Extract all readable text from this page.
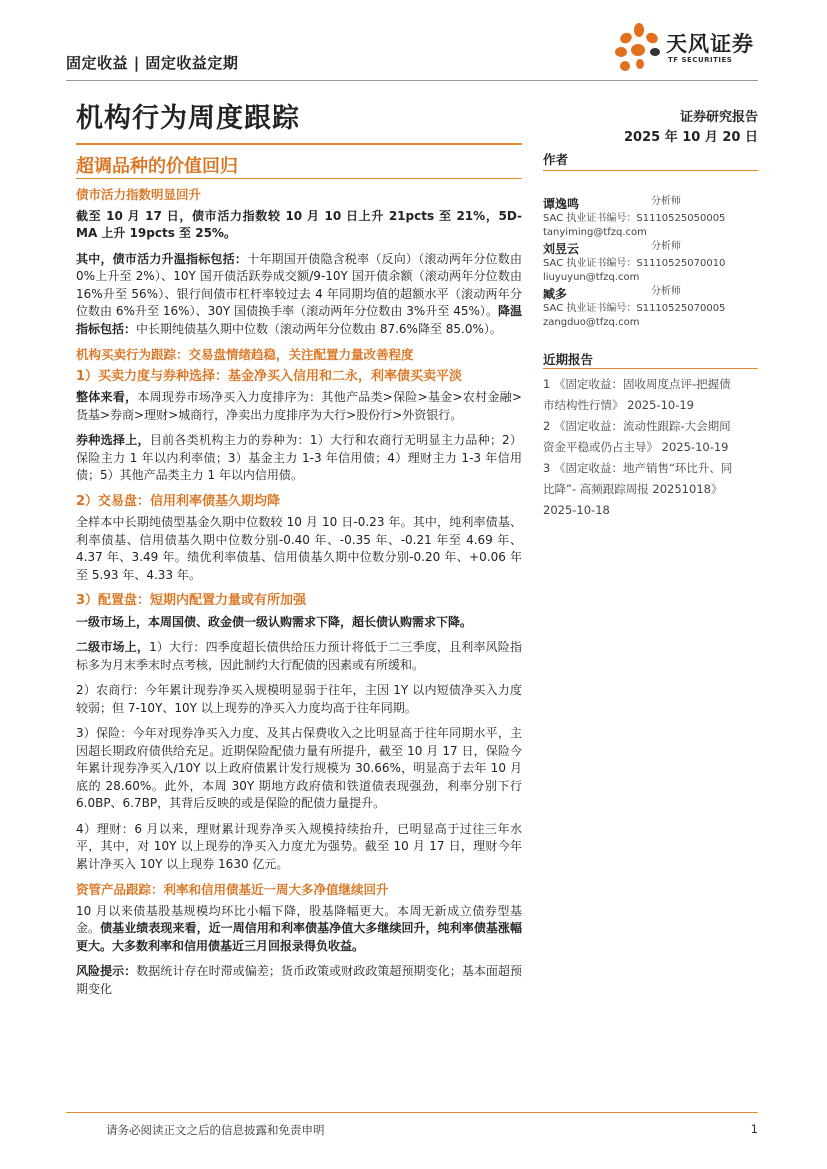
固定收益 | 固定收益定期
天风证券
TF SECURITIES
机构行为周度跟踪	证券研究报告
2025 年 10 月 20 日
超调品种的价值回归

债市活力指数明显回升

截至 10 月 17 日，债市活力指数较 10 月 10 日上升 21pcts 至 21%，5D-MA 上升 19pcts 至 25%。

其中，债市活力升温指标包括：十年期国开债隐含税率（反向）（滚动两年分位数由 0%上升至 2%）、10Y 国开债活跃券成交额/9-10Y 国开债余额（滚动两年分位数由 16%升至 56%）、银行间债市杠杆率较过去 4 年同期均值的超额水平（滚动两年分位数由 6%升至 16%）、30Y 国债换手率（滚动两年分位数由 3%升至 45%）。降温指标包括：中长期纯债基久期中位数（滚动两年分位数由 87.6%降至 85.0%）。

机构买卖行为跟踪：交易盘情绪趋稳，关注配置力量改善程度

1）买卖力度与券种选择：基金净买入信用和二永，利率债买卖平淡

整体来看，本周现券市场净买入力度排序为：其他产品类>保险>基金>农村金融>货基>券商>理财>城商行，净卖出力度排序为大行>股份行>外资银行。

券种选择上，目前各类机构主力的券种为：1）大行和农商行无明显主力品种；2）保险主力 1 年以内利率债；3）基金主力 1-3 年信用债；4）理财主力 1-3 年信用债；5）其他产品类主力 1 年以内信用债。

2）交易盘：信用利率债基久期均降

全样本中长期纯债型基金久期中位数较 10 月 10 日-0.23 年。其中，纯利率债基、利率债基、信用债基久期中位数分别-0.40 年、-0.35 年、-0.21 年至 4.69 年、4.37 年、3.49 年。绩优利率债基、信用债基久期中位数分别-0.20 年、+0.06 年至 5.93 年、4.33 年。

3）配置盘：短期内配置力量或有所加强

一级市场上，本周国债、政金债一级认购需求下降，超长债认购需求下降。

二级市场上，1）大行：四季度超长债供给压力预计将低于二三季度，且利率风险指标多为月末季末时点考核，因此制约大行配债的因素或有所缓和。

2）农商行：今年累计现券净买入规模明显弱于往年，主因 1Y 以内短债净买入力度较弱；但 7-10Y、10Y 以上现券的净买入力度均高于往年同期。

3）保险：今年对现券净买入力度、及其占保费收入之比明显高于往年同期水平，主因超长期政府债供给充足。近期保险配债力量有所提升，截至 10 月 17 日，保险今年累计现券净买入/10Y 以上政府债累计发行规模为 30.66%，明显高于去年 10 月底的 28.60%。此外，本周 30Y 期地方政府债和铁道债表现强劲，利率分别下行 6.0BP、6.7BP，其背后反映的或是保险的配债力量提升。

4）理财：6 月以来，理财累计现券净买入规模持续抬升，已明显高于过往三年水平，其中，对 10Y 以上现券的净买入力度尤为强势。截至 10 月 17 日，理财今年累计净买入 10Y 以上现券 1630 亿元。

资管产品跟踪：利率和信用债基近一周大多净值继续回升

10 月以来债基股基规模均环比小幅下降，股基降幅更大。本周无新成立债券型基金。债基业绩表现来看，近一周信用和利率债基净值大多继续回升，纯利率债基涨幅更大。大多数利率和信用债基近三月回报录得负收益。

风险提示：数据统计存在时滞或偏差；货币政策或财政政策超预期变化；基本面超预期变化

作者
谭逸鸣	分析师
SAC 执业证书编号：S1110525050005
tanyiming@tfzq.com
刘昱云	分析师
SAC 执业证书编号：S1110525070010
liuyuyun@tfzq.com
臧多	分析师
SAC 执业证书编号：S1110525070005
zangduo@tfzq.com
近期报告
1 《固定收益：固收周度点评-把握债
市结构性行情》 2025-10-19
2 《固定收益：流动性跟踪-大会期间
资金平稳或仍占主导》 2025-10-19
3 《固定收益：地产销售“环比升、同
比降”- 高频跟踪周报 20251018》
2025-10-18
请务必阅读正文之后的信息披露和免责申明	1
